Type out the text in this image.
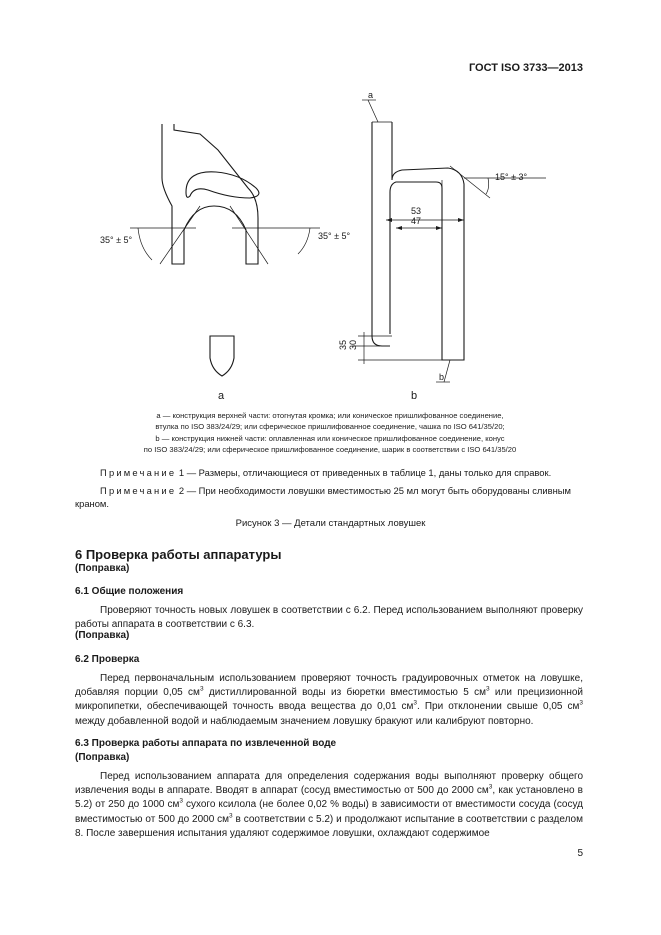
ГОСТ ISO 3733—2013
35° ± 5°	35° ± 5°
15° ± 3°
53
47
35 30
a
b
а	b
a — конструкция верхней части: отогнутая кромка; или коническое пришлифованное соединение,
втулка по ISO 383/24/29; или сферическое пришлифованное соединение, чашка по ISO 641/35/20;
b — конструкция нижней части: оплавленная или коническое пришлифованное соединение, конус
по ISO 383/24/29; или сферическое пришлифованное соединение, шарик в соответствии с ISO 641/35/20
Примечание 1 — Размеры, отличающиеся от приведенных в таблице 1, даны только для справок.
Примечание 2 — При необходимости ловушки вместимостью 25 мл могут быть оборудованы сливным краном.
Рисунок 3 — Детали стандартных ловушек
6 Проверка работы аппаратуры
(Поправка)
6.1 Общие положения
Проверяют точность новых ловушек в соответствии с 6.2. Перед использованием выполняют проверку работы аппарата в соответствии с 6.3.
(Поправка)
6.2 Проверка
Перед первоначальным использованием проверяют точность градуировочных отметок на ловушке, добавляя порции 0,05 $см^3$ дистиллированной воды из бюретки вместимостью 5 $см^3$ или прецизионной микропипетки, обеспечивающей точность ввода вещества до 0,01 $см^3$. При отклонении свыше 0,05 $см^3$ между добавленной водой и наблюдаемым значением ловушку бракуют или калибруют повторно.
6.3 Проверка работы аппарата по извлеченной воде
(Поправка)
Перед использованием аппарата для определения содержания воды выполняют проверку общего извлечения воды в аппарате. Вводят в аппарат (сосуд вместимостью от 500 до 2000 $см^3$, как установлено в 5.2) от 250 до 1000 $см^3$ сухого ксилола (не более 0,02 % воды) в зависимости от вместимости сосуда (сосуд вместимостью от 500 до 2000 $см^3$ в соответствии с 5.2) и продолжают испытание в соответствии с разделом 8. После завершения испытания удаляют содержимое ловушки, охлаждают содержимое
5
